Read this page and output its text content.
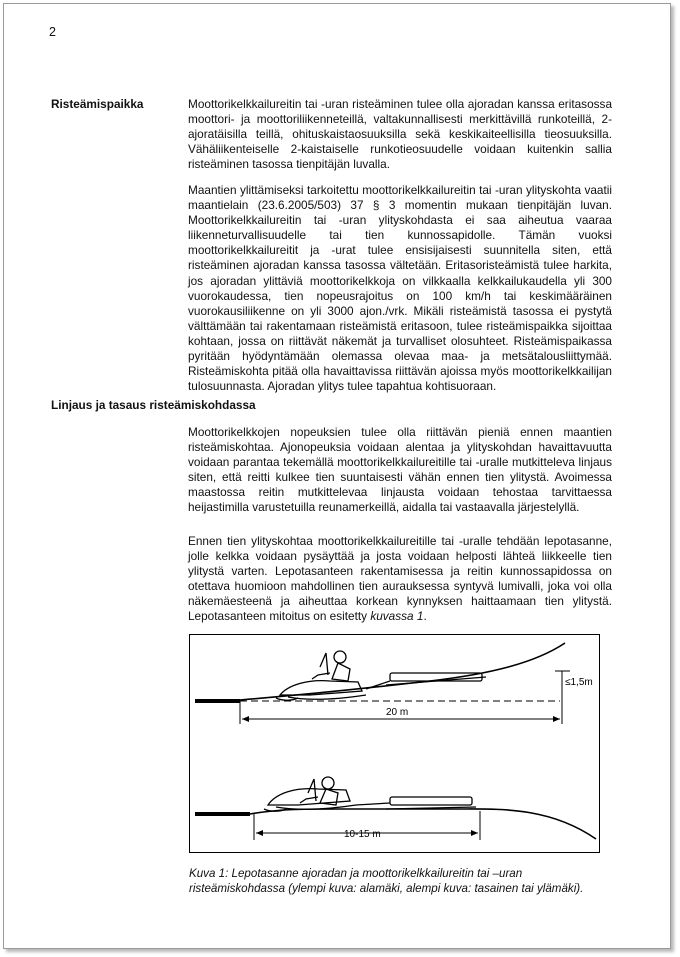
2
Risteämispaikka	Moottorikelkkailureitin tai -uran risteäminen tulee olla ajoradan kanssa eritasossa moottori- ja moottoriliikenneteillä, valtakunnallisesti merkittävillä runkoteillä, 2-ajoratäisilla teillä, ohituskaistaosuuksilla sekä keskikaiteellisilla tieosuuksilla. Vähäliikenteiselle 2-kaistaiselle runkotieosuudelle voidaan kuitenkin sallia risteäminen tasossa tienpitäjän luvalla.

Maantien ylittämiseksi tarkoitettu moottorikelkkailureitin tai -uran ylityskohta vaatii maantielain (23.6.2005/503) 37 § 3 momentin mukaan tienpitäjän luvan. Moottorikelkkailureitin tai -uran ylityskohdasta ei saa aiheutua vaaraa liikenneturvallisuudelle tai tien kunnossapidolle. Tämän vuoksi moottorikelkkailureitit ja -urat tulee ensisijaisesti suunnitella siten, että risteäminen ajoradan kanssa tasossa vältetään. Eritasoristeämistä tulee harkita, jos ajoradan ylittäviä moottorikelkkoja on vilkkaalla kelkkailukaudella yli 300 vuorokaudessa, tien nopeusrajoitus on 100 km/h tai keskimääräinen vuorokausiliikenne on yli 3000 ajon./vrk. Mikäli risteämistä tasossa ei pystytä välttämään tai rakentamaan risteämistä eritasoon, tulee risteämispaikka sijoittaa kohtaan, jossa on riittävät näkemät ja turvalliset olosuhteet. Risteämispaikassa pyritään hyödyntämään olemassa olevaa maa- ja metsätalousliittymää. Risteämiskohta pitää olla havaittavissa riittävän ajoissa myös moottorikelkkailijan tulosuunnasta. Ajoradan ylitys tulee tapahtua kohtisuoraan.

Linjaus ja tasaus risteämiskohdassa

Moottorikelkkojen nopeuksien tulee olla riittävän pieniä ennen maantien risteämiskohtaa. Ajonopeuksia voidaan alentaa ja ylityskohdan havaittavuutta voidaan parantaa tekemällä moottorikelkkailureitille tai -uralle mutkitteleva linjaus siten, että reitti kulkee tien suuntaisesti vähän ennen tien ylitystä. Avoimessa maastossa reitin mutkittelevaa linjausta voidaan tehostaa tarvittaessa heijastimilla varustetuilla reunamerkeillä, aidalla tai vastaavalla järjestelyllä.

Ennen tien ylityskohtaa moottorikelkkailureitille tai -uralle tehdään lepotasanne, jolle kelkka voidaan pysäyttää ja josta voidaan helposti lähteä liikkeelle tien ylitystä varten. Lepotasanteen rakentamisessa ja reitin kunnossapidossa on otettava huomioon mahdollinen tien aurauksessa syntyvä lumivalli, joka voi olla näkemäesteenä ja aiheuttaa korkean kynnyksen haittaamaan tien ylitystä. Lepotasanteen mitoitus on esitetty kuvassa 1.

≤1,5m
20 m
10-15 m

Kuva 1: Lepotasanne ajoradan ja moottorikelkkailureitin tai –uran risteämiskohdassa (ylempi kuva: alamäki, alempi kuva: tasainen tai ylämäki).
